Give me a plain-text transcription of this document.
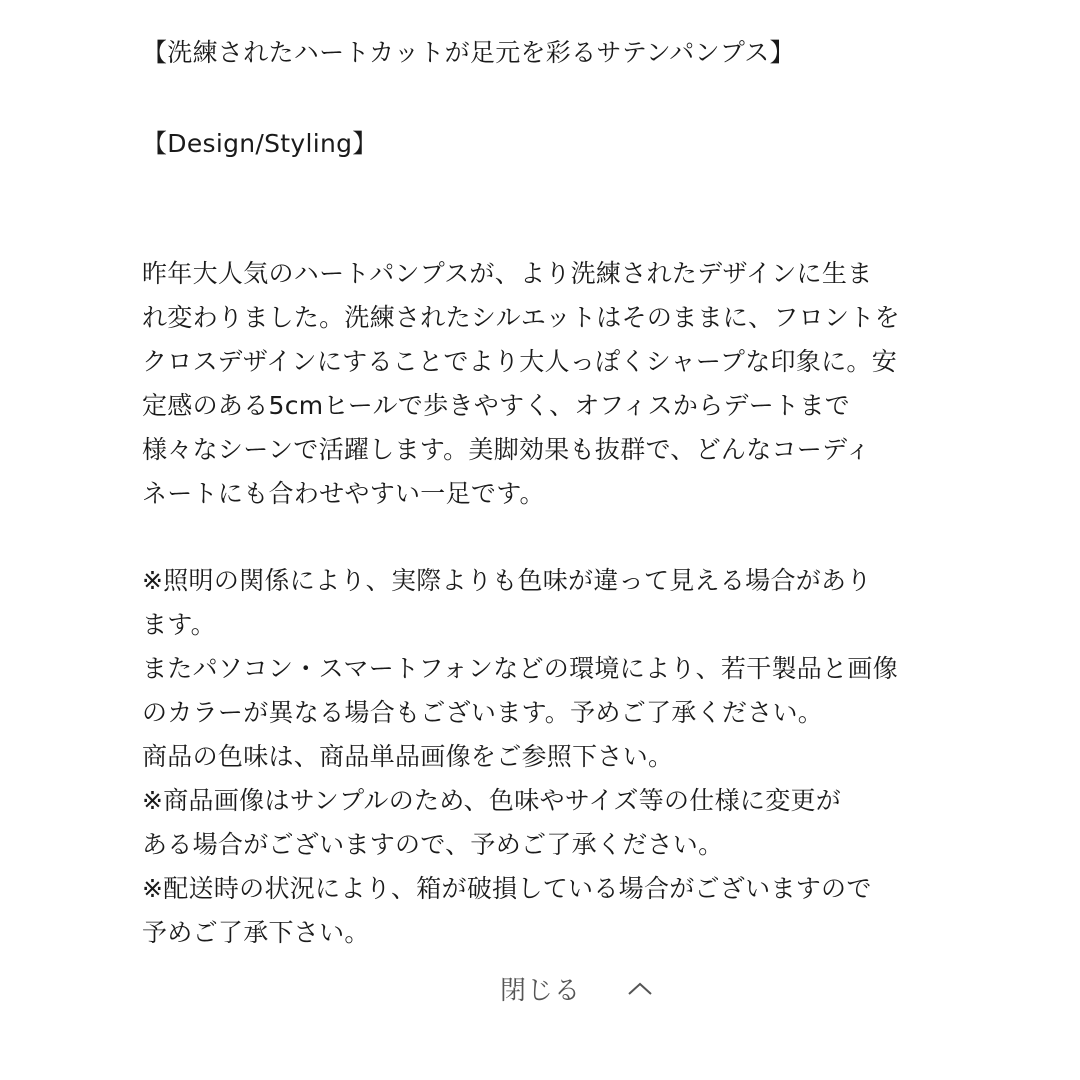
【洗練されたハートカットが足元を彩るサテンパンプス】
【Design/Styling】
昨年大人気のハートパンプスが、より洗練されたデザインに生ま
れ変わりました。洗練されたシルエットはそのままに、フロントを
クロスデザインにすることでより大人っぽくシャープな印象に。安
定感のある5cmヒールで歩きやすく、オフィスからデートまで
様々なシーンで活躍します。美脚効果も抜群で、どんなコーディ
ネートにも合わせやすい一足です。
※照明の関係により、実際よりも色味が違って見える場合があり
ます。
またパソコン・スマートフォンなどの環境により、若干製品と画像
のカラーが異なる場合もございます。予めご了承ください。
商品の色味は、商品単品画像をご参照下さい。
※商品画像はサンプルのため、色味やサイズ等の仕様に変更が
ある場合がございますので、予めご了承ください。
※配送時の状況により、箱が破損している場合がございますので
予めご了承下さい。
閉じる
